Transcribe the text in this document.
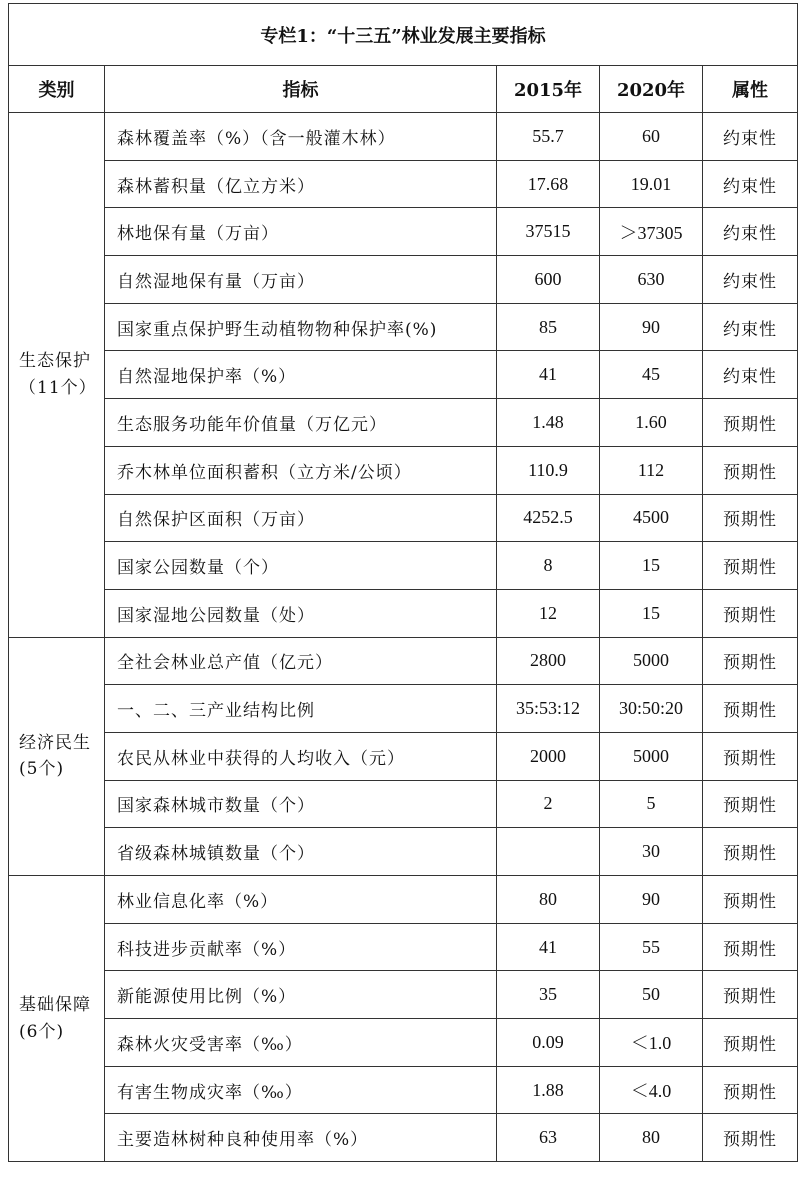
专栏1：“十三五”林业发展主要指标				
类别	指标	2015年	2020年	属性
生态保护（11个）	森林覆盖率（%）（含一般灌木林）	55.7	60	约束性
	森林蓄积量（亿立方米）	17.68	19.01	约束性
	林地保有量（万亩）	37515	＞37305	约束性
	自然湿地保有量（万亩）	600	630	约束性
	国家重点保护野生动植物物种保护率(%)	85	90	约束性
	自然湿地保护率（%）	41	45	约束性
	生态服务功能年价值量（万亿元）	1.48	1.60	预期性
	乔木林单位面积蓄积（立方米/公顷）	110.9	112	预期性
	自然保护区面积（万亩）	4252.5	4500	预期性
	国家公园数量（个）	8	15	预期性
	国家湿地公园数量（处）	12	15	预期性
经济民生(5个)	全社会林业总产值（亿元）	2800	5000	预期性
	一、二、三产业结构比例	35:53:12	30:50:20	预期性
	农民从林业中获得的人均收入（元）	2000	5000	预期性
	国家森林城市数量（个）	2	5	预期性
	省级森林城镇数量（个）		30	预期性
基础保障(6个)	林业信息化率（%）	80	90	预期性
	科技进步贡献率（%）	41	55	预期性
	新能源使用比例（%）	35	50	预期性
	森林火灾受害率（‰）	0.09	＜1.0	预期性
	有害生物成灾率（‰）	1.88	＜4.0	预期性
	主要造林树种良种使用率（%）	63	80	预期性
